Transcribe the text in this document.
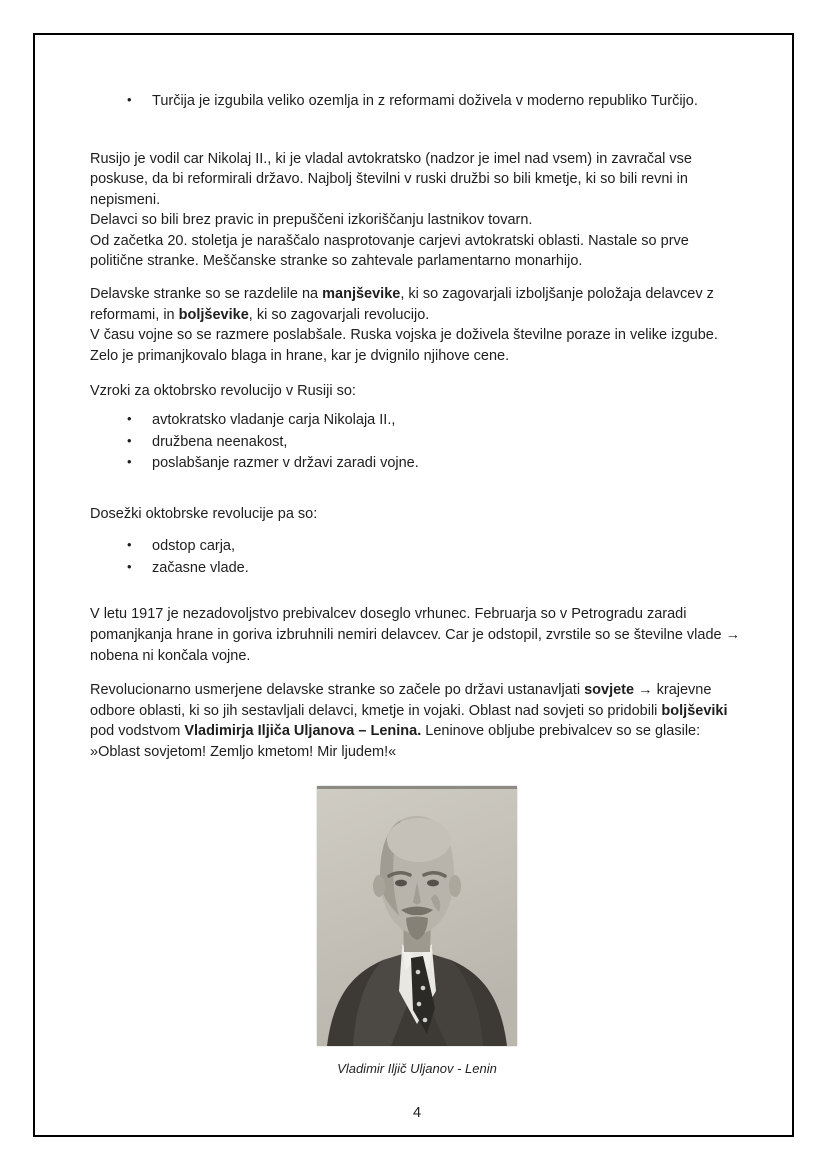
•	Turčija je izgubila veliko ozemlja in z reformami doživela v moderno republiko Turčijo.

Rusijo je vodil car Nikolaj II., ki je vladal avtokratsko (nadzor je imel nad vsem) in zavračal vse poskuse, da bi reformirali državo. Najbolj številni v ruski družbi so bili kmetje, ki so bili revni in nepismeni.
Delavci so bili brez pravic in prepuščeni izkoriščanju lastnikov tovarn.
Od začetka 20. stoletja je naraščalo nasprotovanje carjevi avtokratski oblasti. Nastale so prve politične stranke. Meščanske stranke so zahtevale parlamentarno monarhijo.

Delavske stranke so se razdelile na manjševike, ki so zagovarjali izboljšanje položaja delavcev z reformami, in boljševike, ki so zagovarjali revolucijo.
V času vojne so se razmere poslabšale. Ruska vojska je doživela številne poraze in velike izgube. Zelo je primanjkovalo blaga in hrane, kar je dvignilo njihove cene.

Vzroki za oktobrsko revolucijo v Rusiji so:

•	avtokratsko vladanje carja Nikolaja II.,
•	družbena neenakost,
•	poslabšanje razmer v državi zaradi vojne.

Dosežki oktobrske revolucije pa so:

•	odstop carja,
•	začasne vlade.

V letu 1917 je nezadovoljstvo prebivalcev doseglo vrhunec. Februarja so v Petrogradu zaradi pomanjkanja hrane in goriva izbruhnili nemiri delavcev. Car je odstopil, zvrstile so se številne vlade → nobena ni končala vojne.

Revolucionarno usmerjene delavske stranke so začele po državi ustanavljati sovjete → krajevne odbore oblasti, ki so jih sestavljali delavci, kmetje in vojaki. Oblast nad sovjeti so pridobili boljševiki pod vodstvom Vladimirja Iljiča Uljanova – Lenina. Leninove obljube prebivalcev so se glasile: »Oblast sovjetom! Zemljo kmetom! Mir ljudem!«

Vladimir Iljič Uljanov - Lenin
4
